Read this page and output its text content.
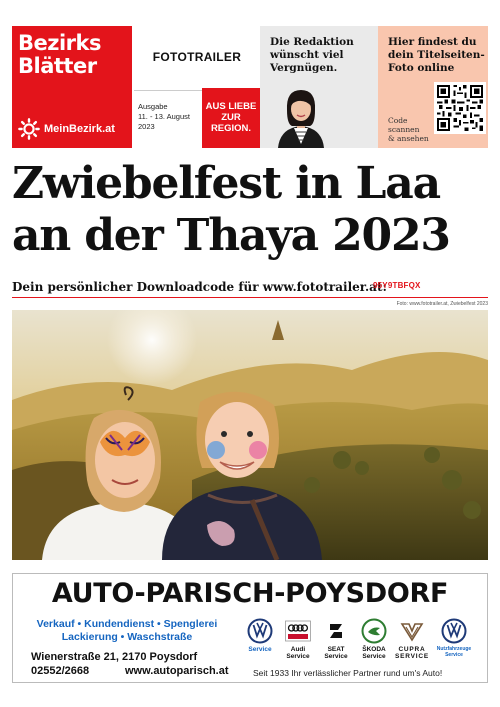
Bezirks
Blätter
MeinBezirk.at
FOTOTRAILER
Ausgabe
11. - 13. August
2023
AUS LIEBE
ZUR
REGION.
Die Redaktion
wünscht viel
Vergnügen.
Hier findest du
dein Titelseiten-
Foto online
Code
scannen
& ansehen
Zwiebelfest in Laa an der Thaya 2023
Dein persönlicher Downloadcode für www.fototrailer.at:
95Y9TBFQX
Foto: www.fototrailer.at, Zwiebelfest 2023
AUTO-PARISCH-POYSDORF
Verkauf • Kundendienst • Spenglerei
Lackierung • Waschstraße
Wienerstraße 21, 2170 Poysdorf
02552/2668	www.autoparisch.at
Service	Audi
Service
SEAT
Service
ŠKODA
Service
CUPRA
SERVICE
Nutzfahrzeuge
Service
Seit 1933 Ihr verlässlicher Partner rund um's Auto!
